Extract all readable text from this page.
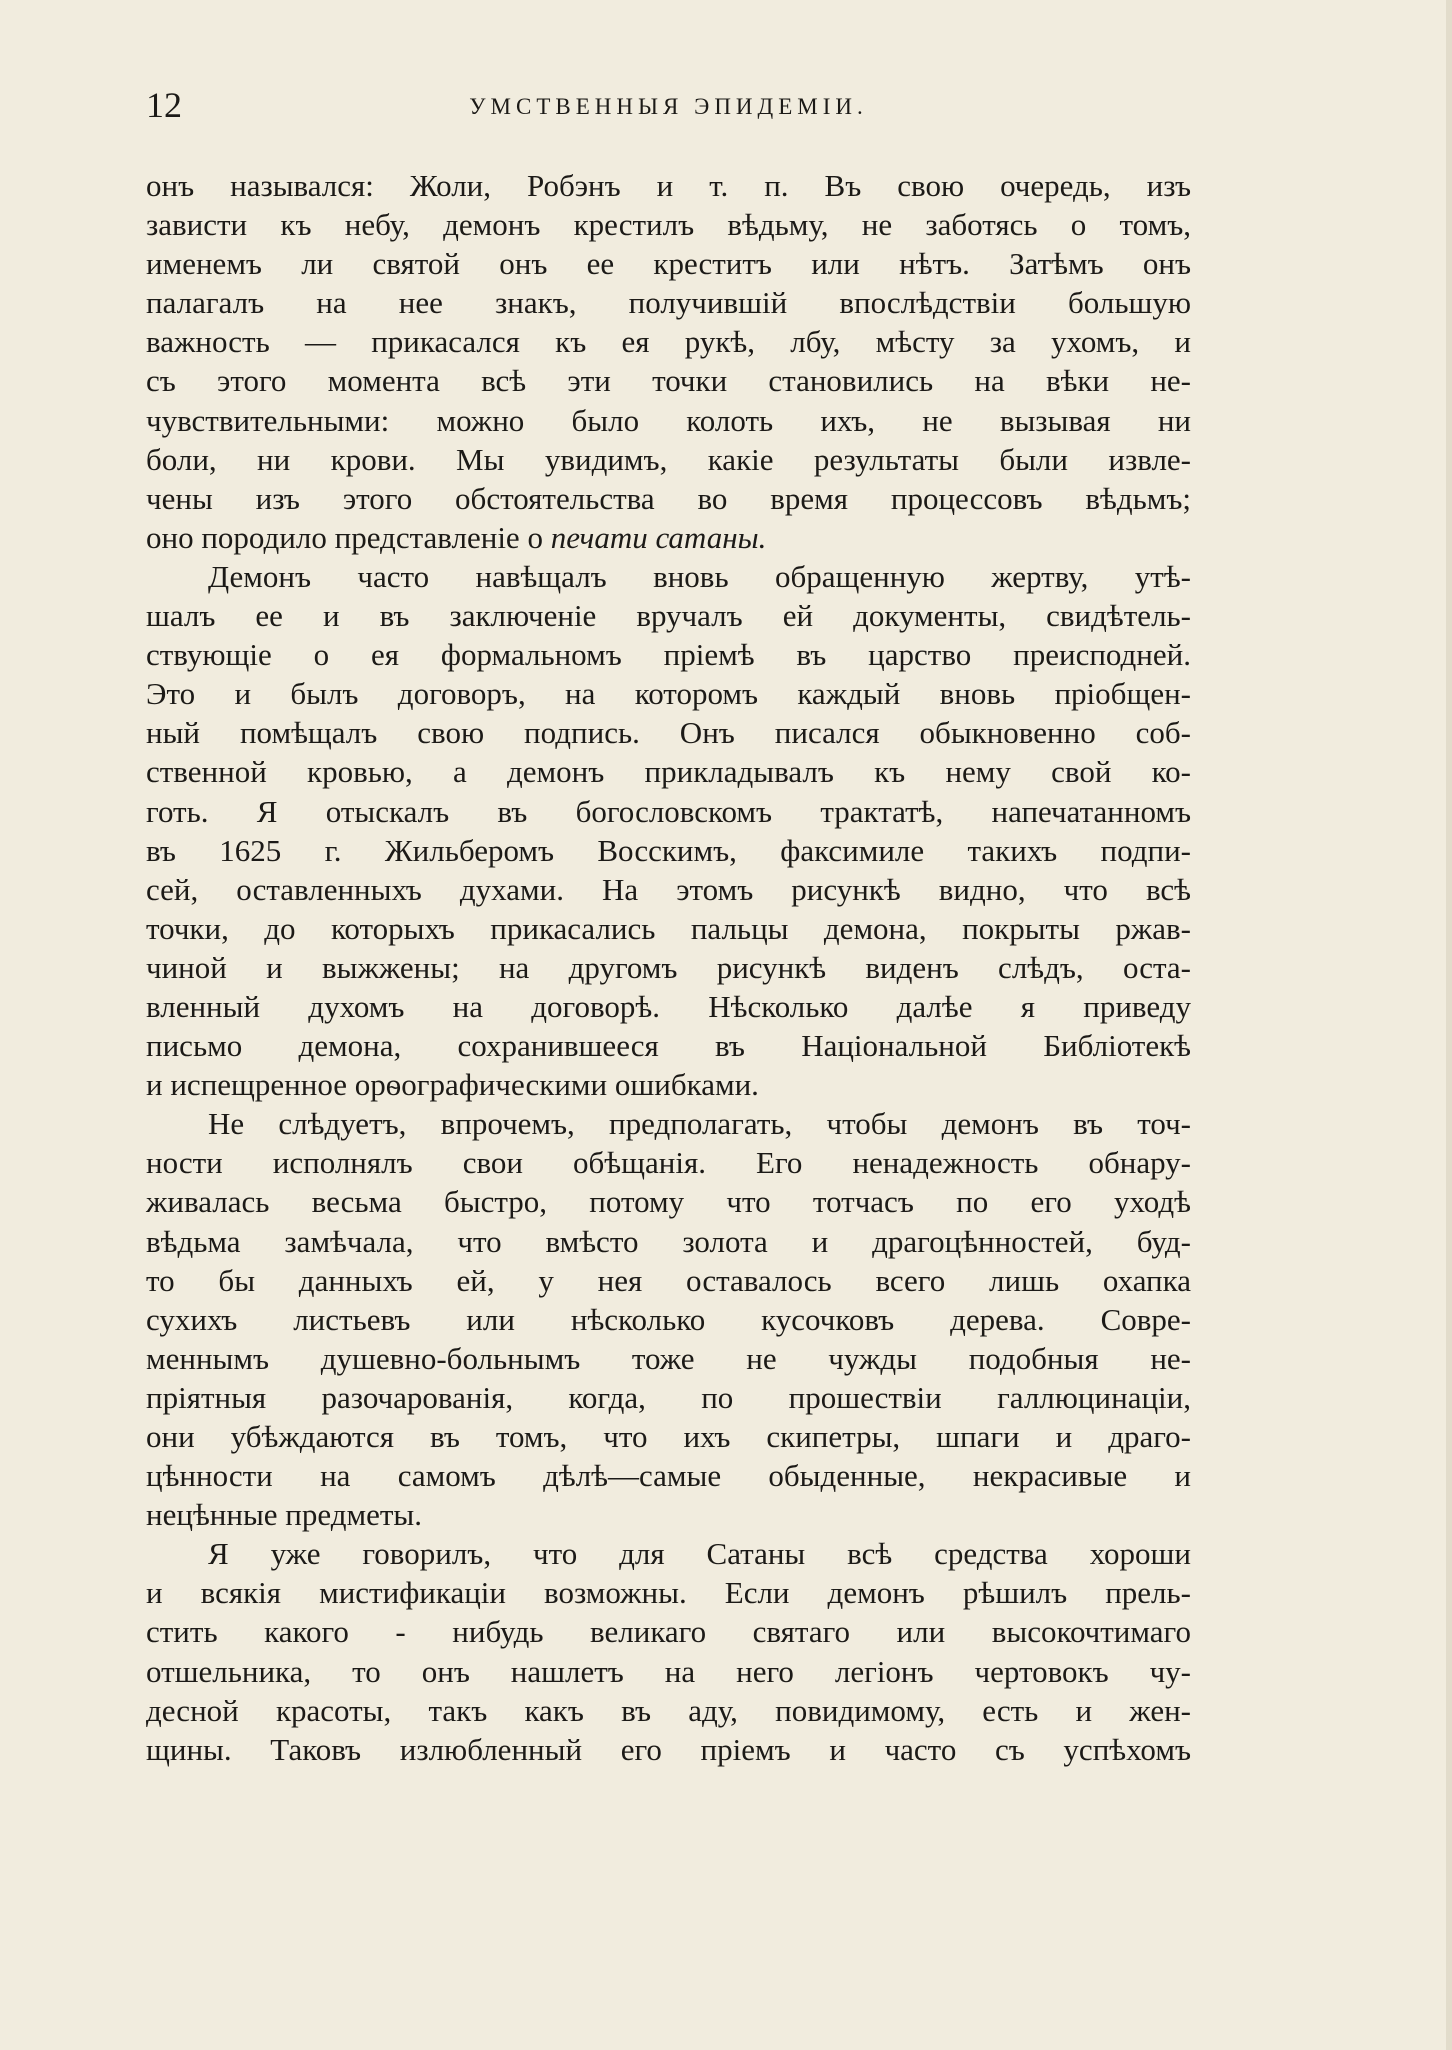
12	УМСТВЕННЫЯ ЭПИДЕМІИ.

онъ назывался: Жоли, Робэнъ и т. п. Въ свою очередь, изъ
зависти къ небу, демонъ крестилъ вѣдьму, не заботясь о томъ,
именемъ ли святой онъ ее креститъ или нѣтъ. Затѣмъ онъ
палагалъ на нее знакъ, получившій впослѣдствіи большую
важность — прикасался къ ея рукѣ, лбу, мѣсту за ухомъ, и
съ этого момента всѣ эти точки становились на вѣки не-
чувствительными: можно было колоть ихъ, не вызывая ни
боли, ни крови. Мы увидимъ, какіе результаты были извле-
чены изъ этого обстоятельства во время процессовъ вѣдьмъ;
оно породило представленіе о печати сатаны.

Демонъ часто навѣщалъ вновь обращенную жертву, утѣ-
шалъ ее и въ заключеніе вручалъ ей документы, свидѣтель-
ствующіе о ея формальномъ пріемѣ въ царство преисподней.
Это и былъ договоръ, на которомъ каждый вновь пріобщен-
ный помѣщалъ свою подпись. Онъ писался обыкновенно соб-
ственной кровью, а демонъ прикладывалъ къ нему свой ко-
готь. Я отыскалъ въ богословскомъ трактатѣ, напечатанномъ
въ 1625 г. Жильберомъ Восскимъ, факсимиле такихъ подпи-
сей, оставленныхъ духами. На этомъ рисункѣ видно, что всѣ
точки, до которыхъ прикасались пальцы демона, покрыты ржав-
чиной и выжжены; на другомъ рисункѣ виденъ слѣдъ, оста-
вленный духомъ на договорѣ. Нѣсколько далѣе я приведу
письмо демона, сохранившееся въ Національной Библіотекѣ
и испещренное орѳографическими ошибками.

Не слѣдуетъ, впрочемъ, предполагать, чтобы демонъ въ точ-
ности исполнялъ свои обѣщанія. Его ненадежность обнару-
живалась весьма быстро, потому что тотчасъ по его уходѣ
вѣдьма замѣчала, что вмѣсто золота и драгоцѣнностей, буд-
то бы данныхъ ей, у нея оставалось всего лишь охапка
сухихъ листьевъ или нѣсколько кусочковъ дерева. Совре-
меннымъ душевно-больнымъ тоже не чужды подобныя не-
пріятныя разочарованія, когда, по прошествіи галлюцинаціи,
они убѣждаются въ томъ, что ихъ скипетры, шпаги и драго-
цѣнности на самомъ дѣлѣ—самые обыденные, некрасивые и
нецѣнные предметы.

Я уже говорилъ, что для Сатаны всѣ средства хороши
и всякія мистификаціи возможны. Если демонъ рѣшилъ прель-
стить какого - нибудь великаго святаго или высокочтимаго
отшельника, то онъ нашлетъ на него легіонъ чертовокъ чу-
десной красоты, такъ какъ въ аду, повидимому, есть и жен-
щины. Таковъ излюбленный его пріемъ и часто съ успѣхомъ
